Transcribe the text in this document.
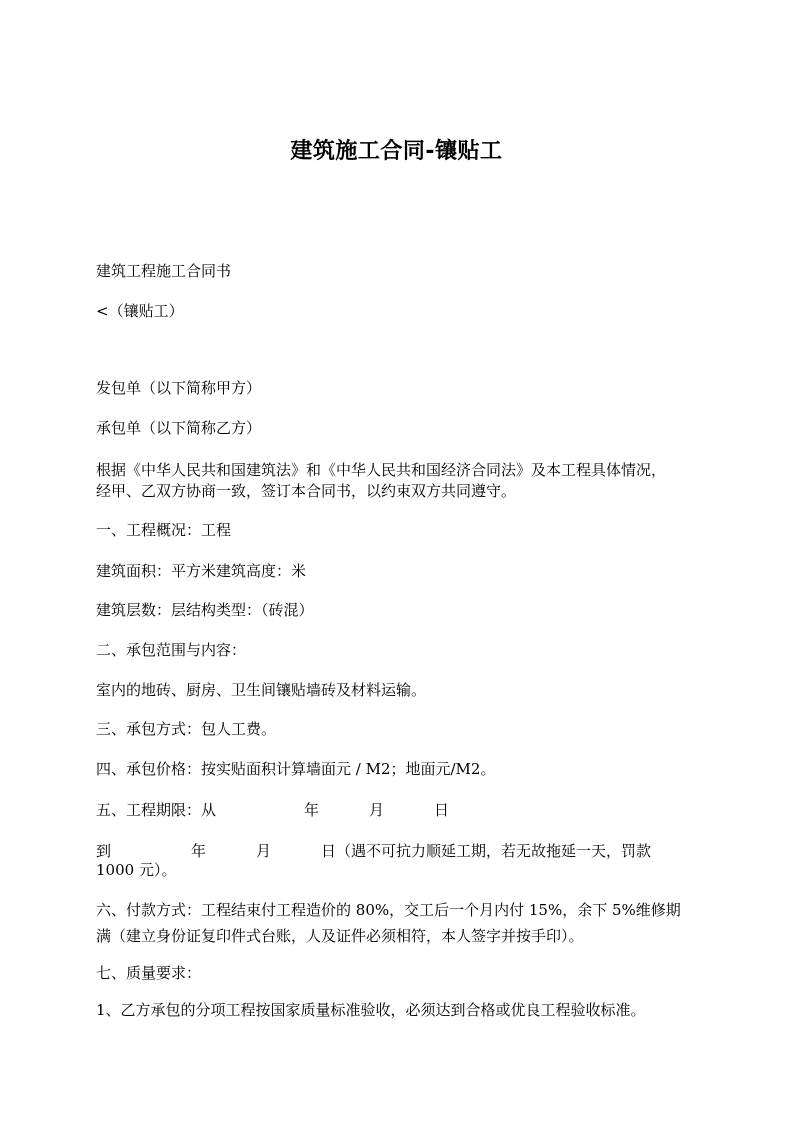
建筑施工合同-镶贴工
建筑工程施工合同书
<（镶贴工）
发包单（以下简称甲方）
承包单（以下简称乙方）
根据《中华人民共和国建筑法》和《中华人民共和国经济合同法》及本工程具体情况，
经甲、乙双方协商一致，签订本合同书，以约束双方共同遵守。
一、工程概况：工程
建筑面积：平方米建筑高度：米
建筑层数：层结构类型：（砖混）
二、承包范围与内容：
室内的地砖、厨房、卫生间镶贴墙砖及材料运输。
三、承包方式：包人工费。
四、承包价格：按实贴面积计算墙面元 / M2；地面元/M2。
五、工程期限：从	年	月	日
到	年	月	日（遇不可抗力顺延工期，若无故拖延一天，罚款
1000 元）。
六、付款方式：工程结束付工程造价的 80%，交工后一个月内付 15%，余下 5%维修期
满（建立身份证复印件式台账，人及证件必须相符，本人签字并按手印）。
七、质量要求：
1、乙方承包的分项工程按国家质量标准验收，必须达到合格或优良工程验收标准。
